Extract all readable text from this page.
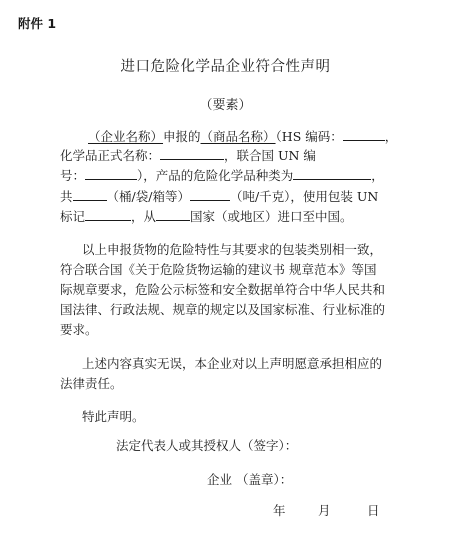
附件 1
进口危险化学品企业符合性声明
（要素）
（企业名称）申报的（商品名称）（HS 编码：	，
化学品正式名称：	，联合国 UN 编
号：	），产品的危险化学品种类为	，
共	（桶/袋/箱等）	（吨/千克），使用包装 UN
标记	，从	国家（或地区）进口至中国。
以上申报货物的危险特性与其要求的包装类别相一致，
符合联合国《关于危险货物运输的建议书 规章范本》等国
际规章要求，危险公示标签和安全数据单符合中华人民共和
国法律、行政法规、规章的规定以及国家标准、行业标准的
要求。
上述内容真实无误，本企业对以上声明愿意承担相应的
法律责任。
特此声明。
法定代表人或其授权人（签字）：
企业 （盖章）：
年	月	日
